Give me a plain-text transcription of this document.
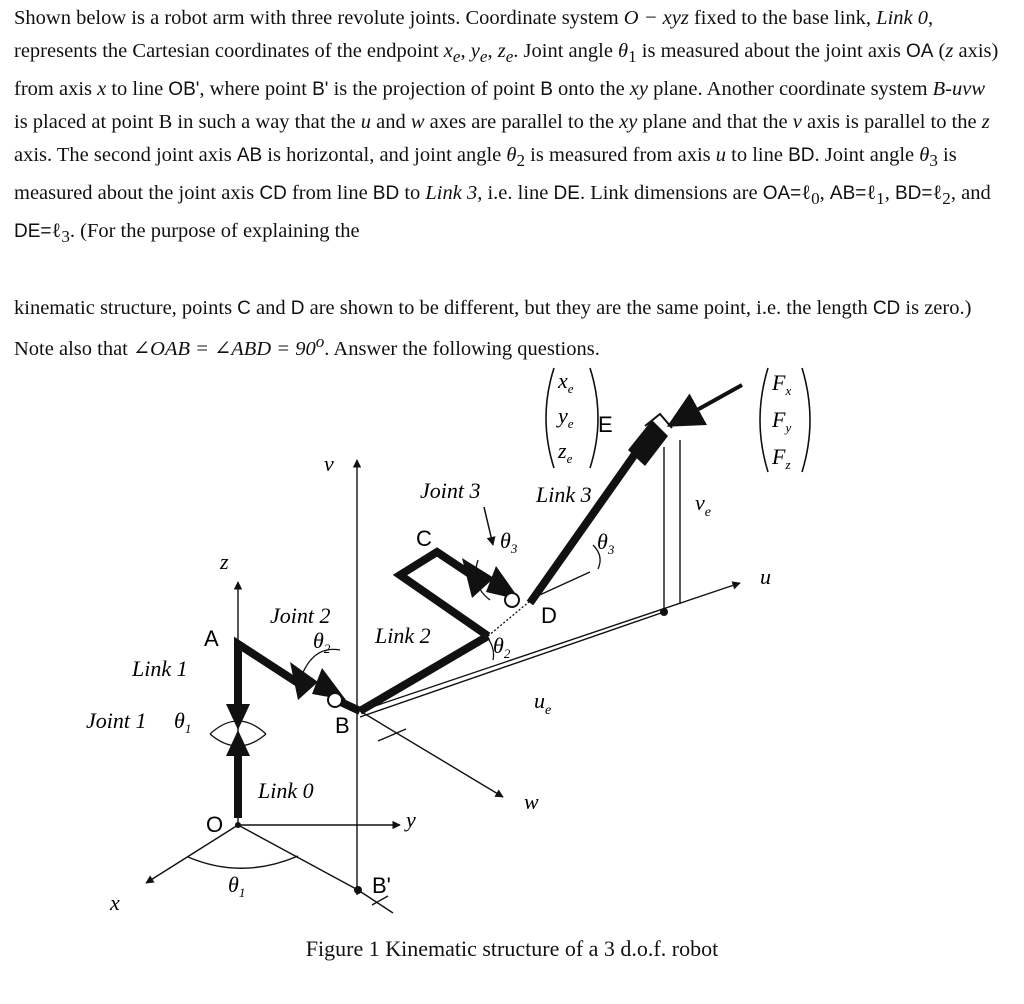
Shown below is a robot arm with three revolute joints. Coordinate system O − xyz fixed to the base link, Link 0, represents the Cartesian coordinates of the endpoint $x_e$, $y_e$, $z_e$. Joint angle $\theta_1$ is measured about the joint axis OA (z axis) from axis x to line OB', where point B' is the projection of point B onto the xy plane. Another coordinate system B-uvw is placed at point B in such a way that the u and w axes are parallel to the xy plane and that the v axis is parallel to the z axis. The second joint axis AB is horizontal, and joint angle $\theta_2$ is measured from axis u to line BD. Joint angle $\theta_3$ is measured about the joint axis CD from line BD to Link 3, i.e. line DE. Link dimensions are OA=ℓ$_0$, AB=ℓ$_1$, BD=ℓ$_2$, and DE=ℓ$_3$. (For the purpose of explaining the
kinematic structure, points C and D are shown to be different, but they are the same point, i.e. the length CD is zero.) Note also that ∠OAB = ∠ABD = $90^o$. Answer the following questions.
v
z
x
y
u
w
$v_e$
$u_e$
Joint 1 $\theta_1$
Joint 2
$\theta_2$
Joint 3
$\theta_3$
Link 0
Link 1
Link 2
Link 3
O
A
B
B'
C
D
E
$\theta_1$
$\theta_2$
$\theta_3$
$x_e$
$y_e$
$z_e$
$F_x$
$F_y$
$F_z$
Figure 1 Kinematic structure of a 3 d.o.f. robot
